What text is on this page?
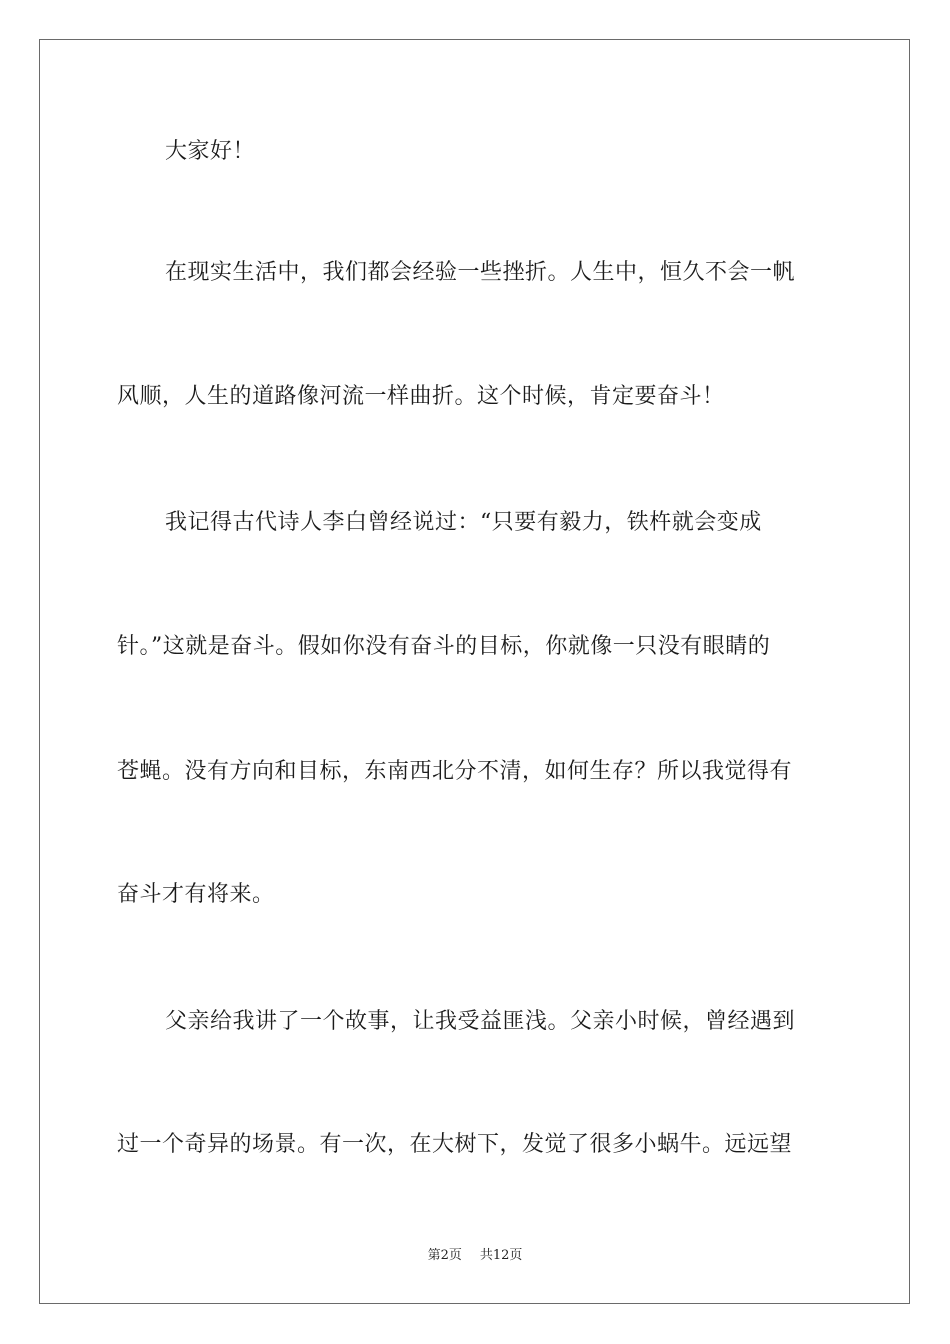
大家好！
在现实生活中，我们都会经验一些挫折。人生中，恒久不会一帆
风顺，人生的道路像河流一样曲折。这个时候，肯定要奋斗！
我记得古代诗人李白曾经说过：“只要有毅力，铁杵就会变成
针。”这就是奋斗。假如你没有奋斗的目标，你就像一只没有眼睛的
苍蝇。没有方向和目标，东南西北分不清，如何生存？所以我觉得有
奋斗才有将来。
父亲给我讲了一个故事，让我受益匪浅。父亲小时候，曾经遇到
过一个奇异的场景。有一次，在大树下，发觉了很多小蜗牛。远远望
第2页 共12页
